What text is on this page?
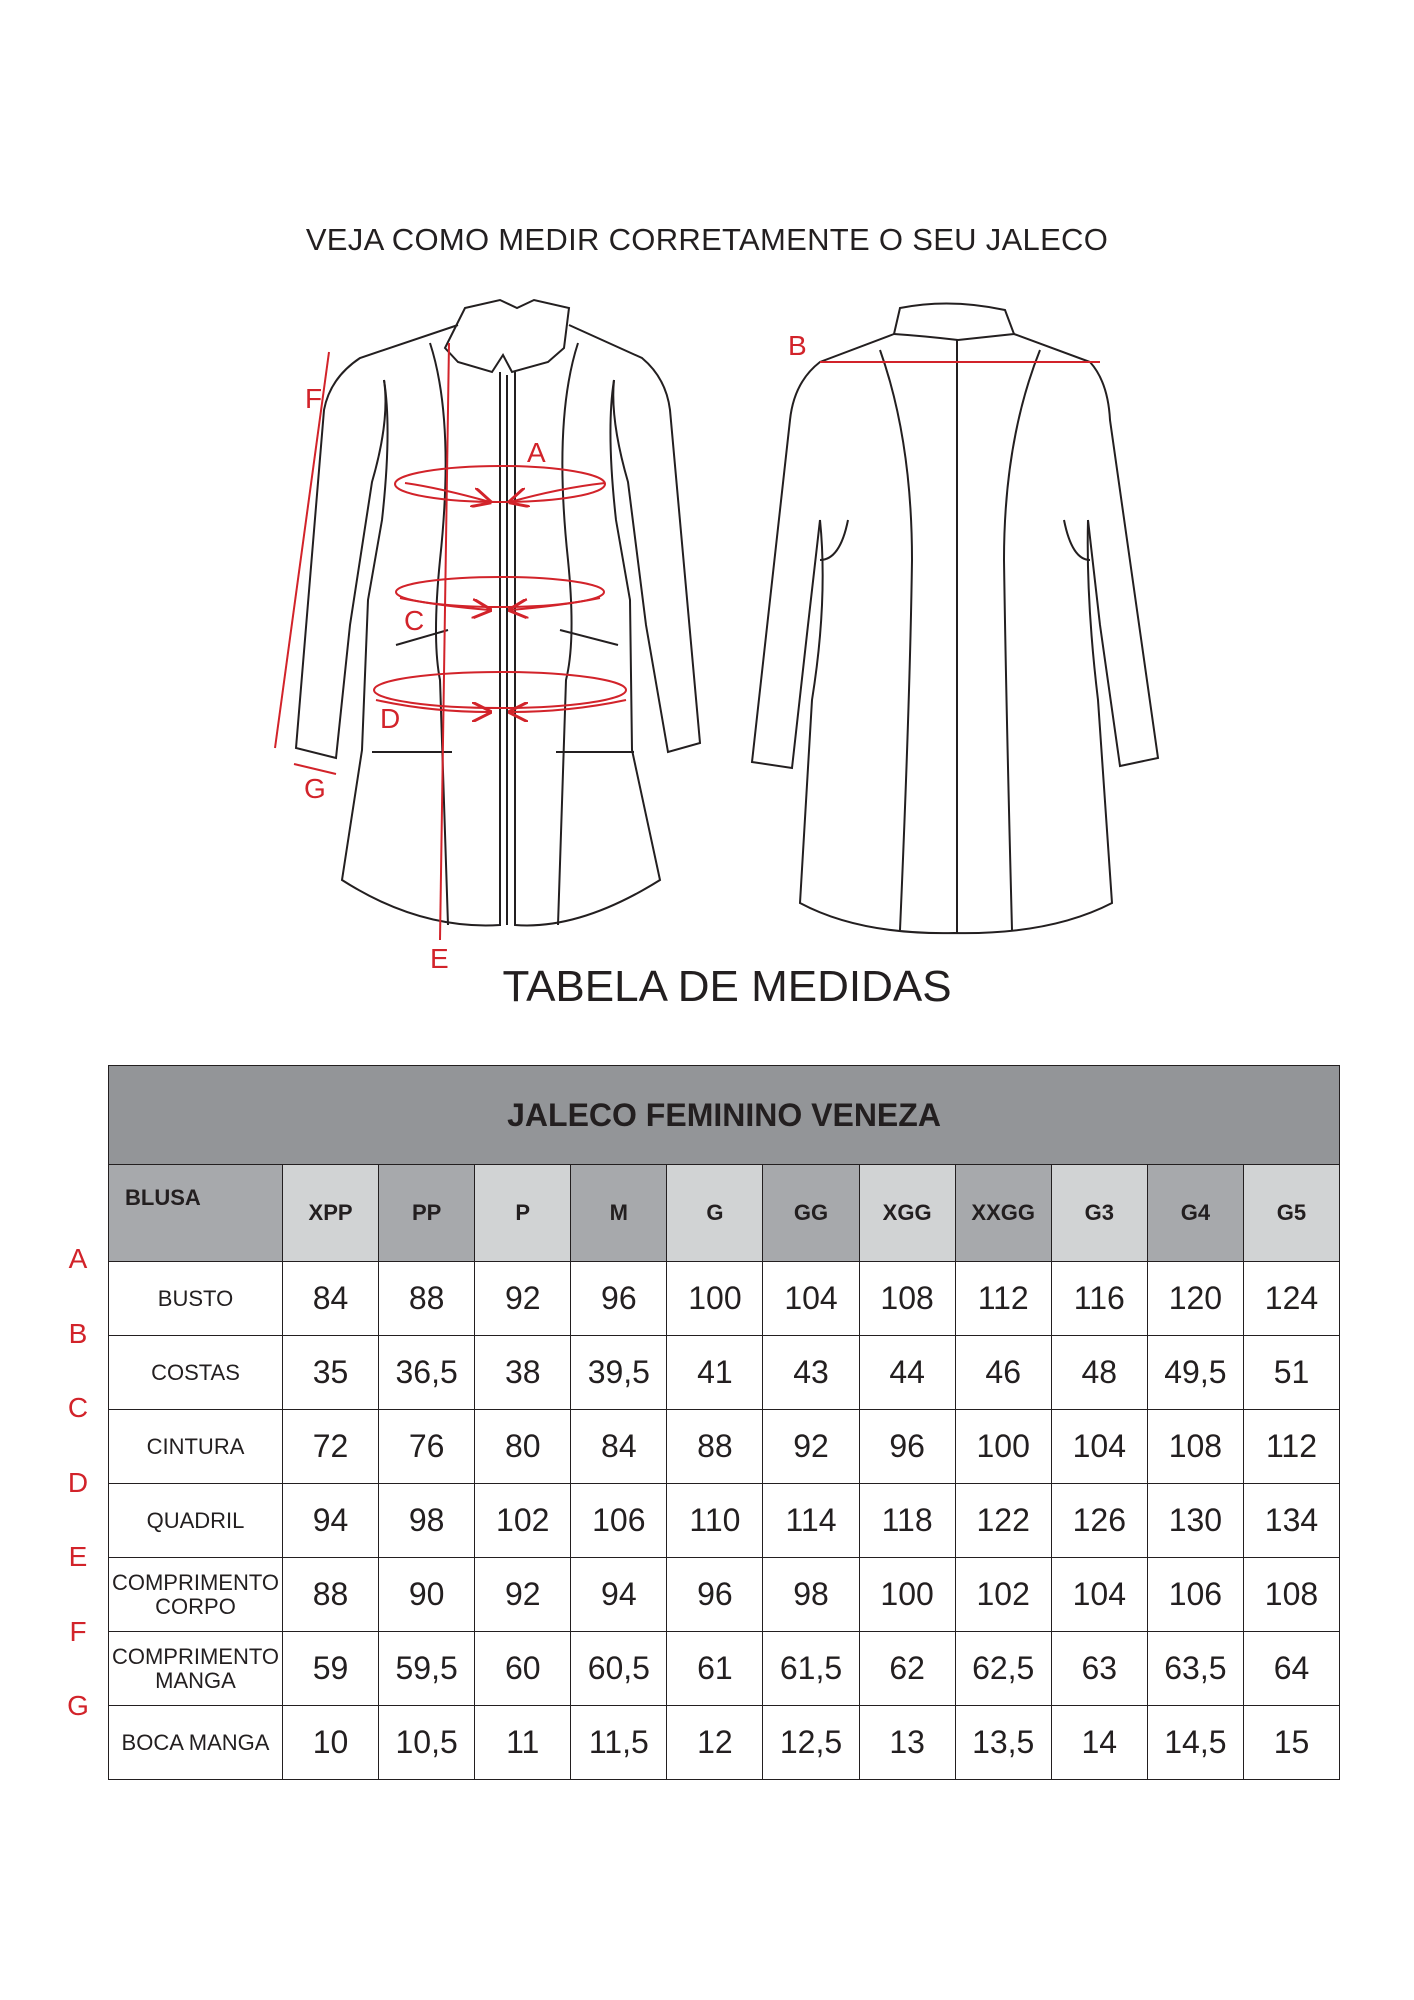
VEJA COMO MEDIR CORRETAMENTE O SEU JALECO
A
C
D
E
F
G
B
TABELA DE MEDIDAS
JALECO FEMININO VENEZA											
BLUSA	XPP	PP	P	M	G	GG	XGG	XXGG	G3	G4	G5
BUSTO	84	88	92	96	100	104	108	112	116	120	124
COSTAS	35	36,5	38	39,5	41	43	44	46	48	49,5	51
CINTURA	72	76	80	84	88	92	96	100	104	108	112
QUADRIL	94	98	102	106	110	114	118	122	126	130	134
COMPRIMENTO
CORPO	88	90	92	94	96	98	100	102	104	106	108
COMPRIMENTO
MANGA	59	59,5	60	60,5	61	61,5	62	62,5	63	63,5	64
BOCA MANGA	10	10,5	11	11,5	12	12,5	13	13,5	14	14,5	15
A
B
C
D
E
F
G
